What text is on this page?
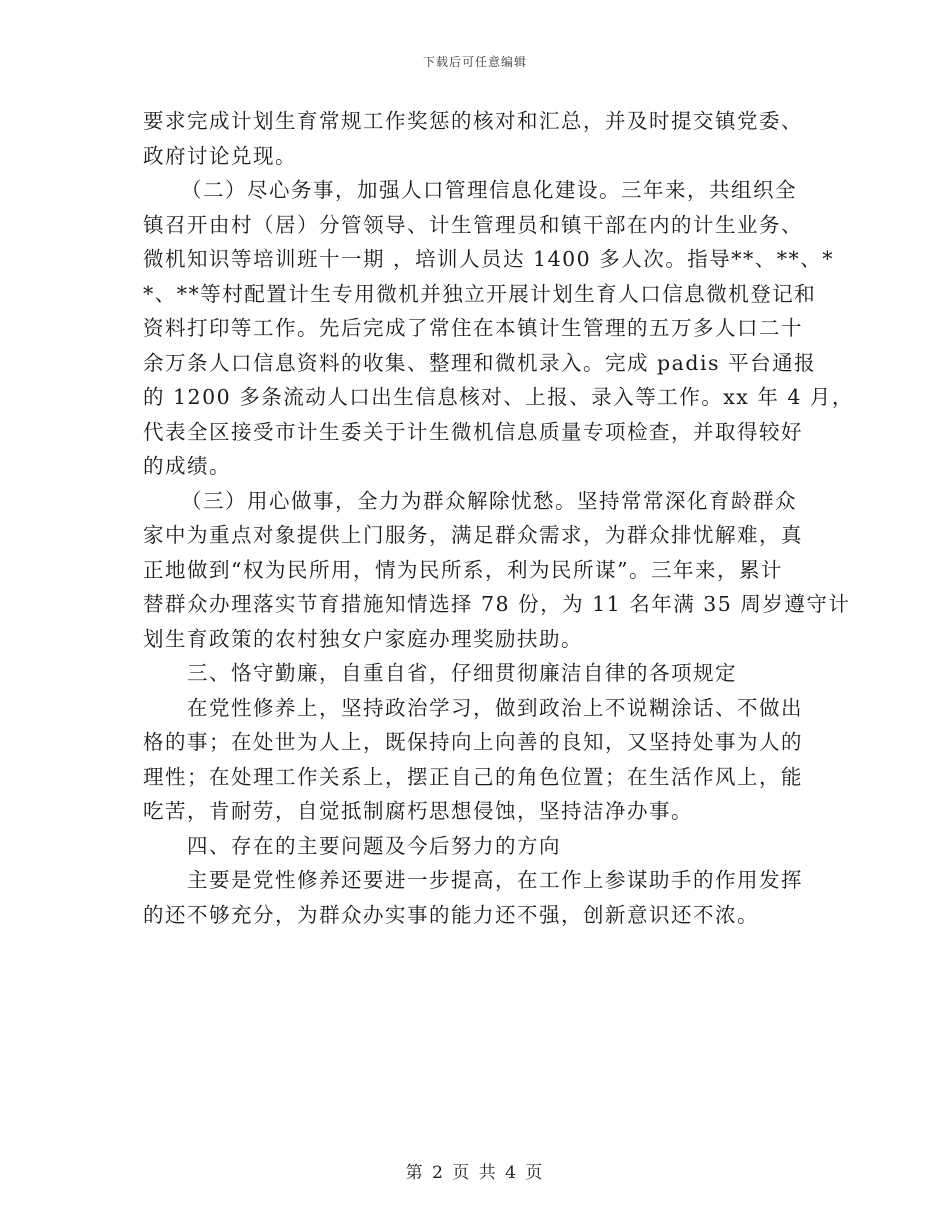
下载后可任意编辑
要求完成计划生育常规工作奖惩的核对和汇总，并及时提交镇党委、
政府讨论兑现。
（二）尽心务事，加强人口管理信息化建设。三年来，共组织全
镇召开由村（居）分管领导、计生管理员和镇干部在内的计生业务、
微机知识等培训班十一期 ，培训人员达 1400 多人次。指导**、**、*
*、**等村配置计生专用微机并独立开展计划生育人口信息微机登记和
资料打印等工作。先后完成了常住在本镇计生管理的五万多人口二十
余万条人口信息资料的收集、整理和微机录入。完成 padis 平台通报
的 1200 多条流动人口出生信息核对、上报、录入等工作。xx 年 4 月，
代表全区接受市计生委关于计生微机信息质量专项检查，并取得较好
的成绩。
（三）用心做事，全力为群众解除忧愁。坚持常常深化育龄群众
家中为重点对象提供上门服务，满足群众需求，为群众排忧解难，真
正地做到“权为民所用，情为民所系，利为民所谋”。三年来，累计
替群众办理落实节育措施知情选择 78 份，为 11 名年满 35 周岁遵守计
划生育政策的农村独女户家庭办理奖励扶助。
三、恪守勤廉，自重自省，仔细贯彻廉洁自律的各项规定
在党性修养上，坚持政治学习，做到政治上不说糊涂话、不做出
格的事；在处世为人上，既保持向上向善的良知，又坚持处事为人的
理性；在处理工作关系上，摆正自己的角色位置；在生活作风上，能
吃苦，肯耐劳，自觉抵制腐朽思想侵蚀，坚持洁净办事。
四、存在的主要问题及今后努力的方向
主要是党性修养还要进一步提高，在工作上参谋助手的作用发挥
的还不够充分，为群众办实事的能力还不强，创新意识还不浓。
第 2 页 共 4 页
